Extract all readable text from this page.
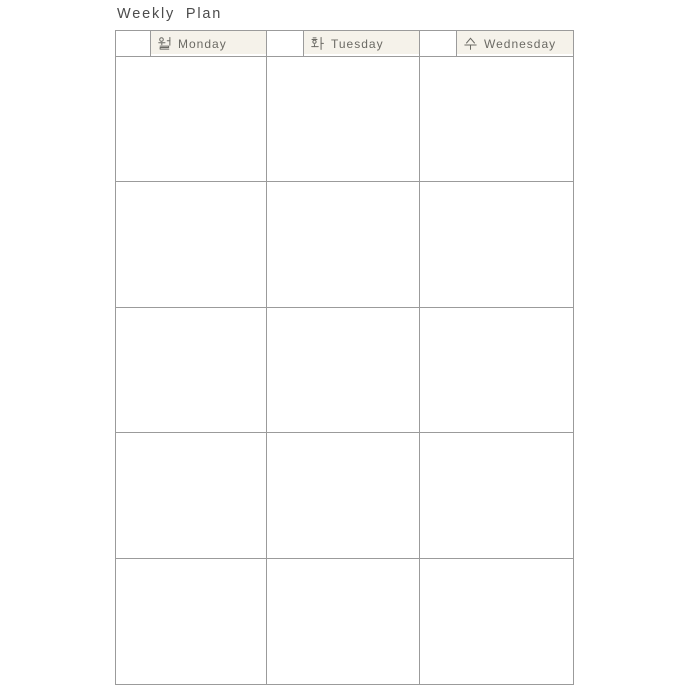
Weekly Plan
Monday	Tuesday	Wednesday
